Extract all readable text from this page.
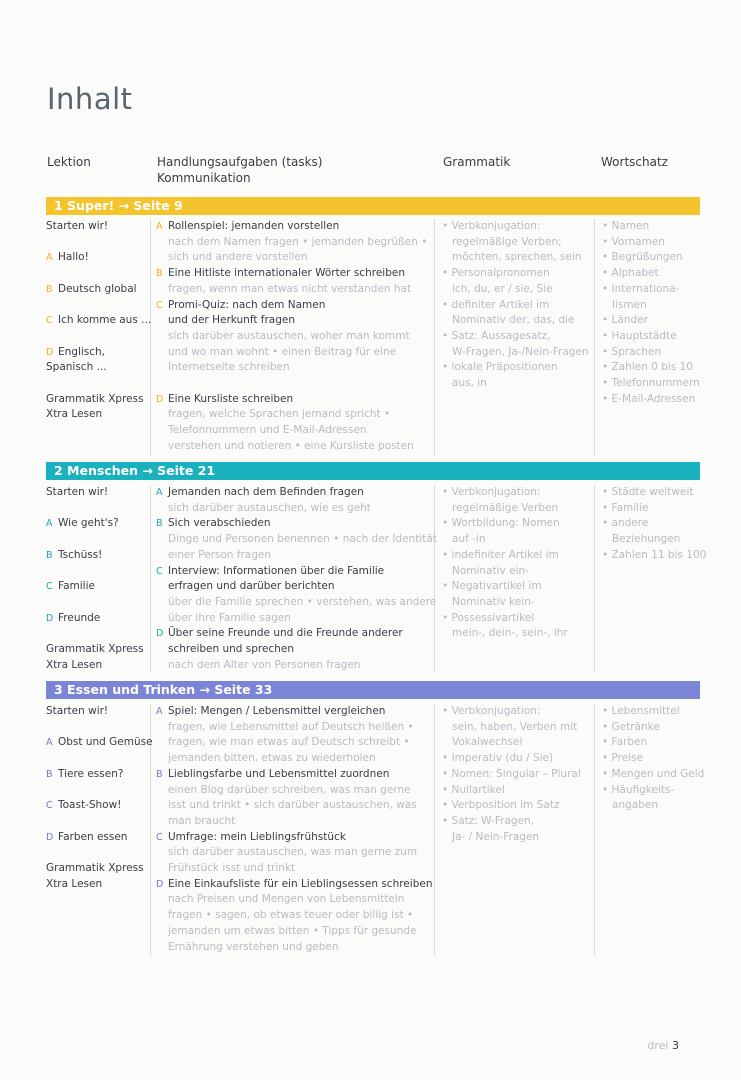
Inhalt
Lektion	Handlungsaufgaben (tasks)
Kommunikation
Grammatik	Wortschatz
1 Super! → Seite 9
Starten wir!

A Hallo!

B Deutsch global

C Ich komme aus ...

D Englisch,
Spanisch ...

Grammatik Xpress
Xtra Lesen
A Rollenspiel: jemanden vorstellen
nach dem Namen fragen • jemanden begrüßen •
sich und andere vorstellen
B Eine Hitliste internationaler Wörter schreiben
fragen, wenn man etwas nicht verstanden hat
C Promi-Quiz: nach dem Namen
und der Herkunft fragen
sich darüber austauschen, woher man kommt
und wo man wohnt • einen Beitrag für eine
Internetseite schreiben

D Eine Kursliste schreiben
fragen, welche Sprachen jemand spricht •
Telefonnummern und E-Mail-Adressen
verstehen und notieren • eine Kursliste posten
• Verbkonjugation:
regelmäßige Verben;
möchten, sprechen, sein
• Personalpronomen
ich, du, er / sie, Sie
• definiter Artikel im
Nominativ der, das, die
• Satz: Aussagesatz,
W-Fragen, Ja-/Nein-Fragen
• lokale Präpositionen
aus, in
• Namen
• Vornamen
• Begrüßungen
• Alphabet
• Internationa-
lismen
• Länder
• Hauptstädte
• Sprachen
• Zahlen 0 bis 10
• Telefonnummern
• E-Mail-Adressen
2 Menschen → Seite 21
Starten wir!

A Wie geht's?

B Tschüss!

C Familie

D Freunde

Grammatik Xpress
Xtra Lesen
A Jemanden nach dem Befinden fragen
sich darüber austauschen, wie es geht
B Sich verabschieden
Dinge und Personen benennen • nach der Identität
einer Person fragen
C Interview: Informationen über die Familie
erfragen und darüber berichten
über die Familie sprechen • verstehen, was andere
über ihre Familie sagen
D Über seine Freunde und die Freunde anderer
schreiben und sprechen
nach dem Alter von Personen fragen
• Verbkonjugation:
regelmäßige Verben
• Wortbildung: Nomen
auf -in
• indefiniter Artikel im
Nominativ ein-
• Negativartikel im
Nominativ kein-
• Possessivartikel
mein-, dein-, sein-, ihr
• Städte weltweit
• Familie
• andere
Beziehungen
• Zahlen 11 bis 100
3 Essen und Trinken → Seite 33
Starten wir!

A Obst und Gemüse

B Tiere essen?

C Toast-Show!

D Farben essen

Grammatik Xpress
Xtra Lesen
A Spiel: Mengen / Lebensmittel vergleichen
fragen, wie Lebensmittel auf Deutsch heißen •
fragen, wie man etwas auf Deutsch schreibt •
jemanden bitten, etwas zu wiederholen
B Lieblingsfarbe und Lebensmittel zuordnen
einen Blog darüber schreiben, was man gerne
isst und trinkt • sich darüber austauschen, was
man braucht
C Umfrage: mein Lieblingsfrühstück
sich darüber austauschen, was man gerne zum
Frühstück isst und trinkt
D Eine Einkaufsliste für ein Lieblingsessen schreiben
nach Preisen und Mengen von Lebensmitteln
fragen • sagen, ob etwas teuer oder billig ist •
jemanden um etwas bitten • Tipps für gesunde
Ernährung verstehen und geben
• Verbkonjugation:
sein, haben, Verben mit
Vokalwechsel
• Imperativ (du / Sie)
• Nomen: Singular – Plural
• Nullartikel
• Verbposition im Satz
• Satz: W-Fragen,
Ja- / Nein-Fragen
• Lebensmittel
• Getränke
• Farben
• Preise
• Mengen und Geld
• Häufigkeits-
angaben
drei 3
